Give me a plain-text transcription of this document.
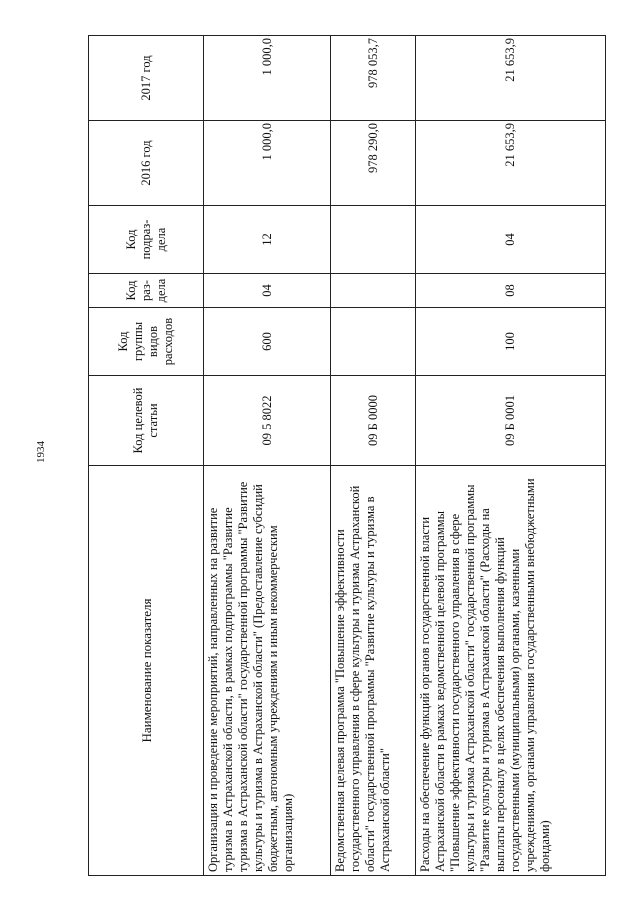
1934
Наименование показателя	Код целевой статьи	Код группы видов расходов	Код раз-дела	Код подраз-дела	2016 год	2017 год
Организация и проведение мероприятий, направленных на развитие туризма в Астраханской области, в рамках подпрограммы "Развитие туризма в Астраханской области" государственной программы "Развитие культуры и туризма в Астраханской области" (Предоставление субсидий бюджетным, автономным учреждениям и иным некоммерческим организациям)	09 5 8022	600	04	12	1 000,0	1 000,0
Ведомственная целевая программа "Повышение эффективности государственного управления в сфере культуры и туризма Астраханской области" государственной программы "Развитие культуры и туризма в Астраханской области"	09 Б 0000				978 290,0	978 053,7
Расходы на обеспечение функций органов государственной власти Астраханской области в рамках ведомственной целевой программы "Повышение эффективности государственного управления в сфере культуры и туризма Астраханской области" государственной программы "Развитие культуры и туризма в Астраханской области" (Расходы на выплаты персоналу в целях обеспечения выполнения функций государственными (муниципальными) органами, казенными учреждениями, органами управления государственными внебюджетными фондами)	09 Б 0001	100	08	04	21 653,9	21 653,9
